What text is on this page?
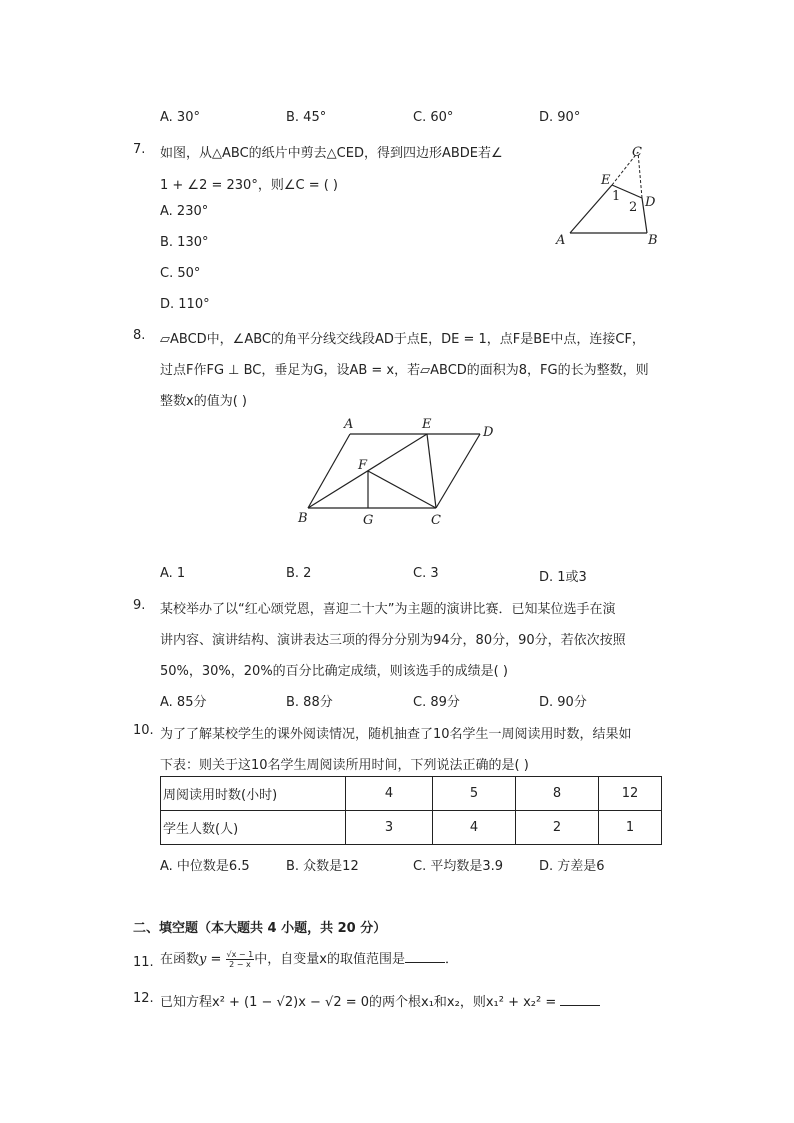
A. 30°	B. 45°	C. 60°	D. 90°
7. 如图，从△ABC的纸片中剪去△CED，得到四边形ABDE若∠
1 + ∠2 = 230°，则∠C = ( )
A. 230°
B. 130°
C. 50°
D. 110°
C
E
D
A	B
1
2
8. ▱ABCD中，∠ABC的角平分线交线段AD于点E，DE = 1，点F是BE中点，连接CF，
过点F作FG ⊥ BC，垂足为G，设AB = x，若▱ABCD的面积为8，FG的长为整数，则
整数x的值为( )
A	E
D
F
B	G	C
A. 1	B. 2	C. 3	D. 1或3
9. 某校举办了以“红心颂党恩，喜迎二十大”为主题的演讲比赛．已知某位选手在演
讲内容、演讲结构、演讲表达三项的得分分别为94分，80分，90分，若依次按照
50%，30%，20%的百分比确定成绩，则该选手的成绩是( )
A. 85分	B. 88分	C. 89分	D. 90分
10. 为了了解某校学生的课外阅读情况，随机抽查了10名学生一周阅读用时数，结果如
下表：则关于这10名学生周阅读所用时间，下列说法正确的是( )
周阅读用时数(小时)	4	5	8	12
学生人数(人)	3	4	2	1
A. 中位数是6.5	B. 众数是12	C. 平均数是3.9	D. 方差是6
二、填空题（本大题共 4 小题，共 20 分）
11. 在函数$y = \frac{√x - 1}{2 - x}$ 中，自变量x的取值范围是	．
12. 已知方程x² + (1 − √2)x − √2 = 0的两个根x₁和x₂，则x₁² + x₂² =
